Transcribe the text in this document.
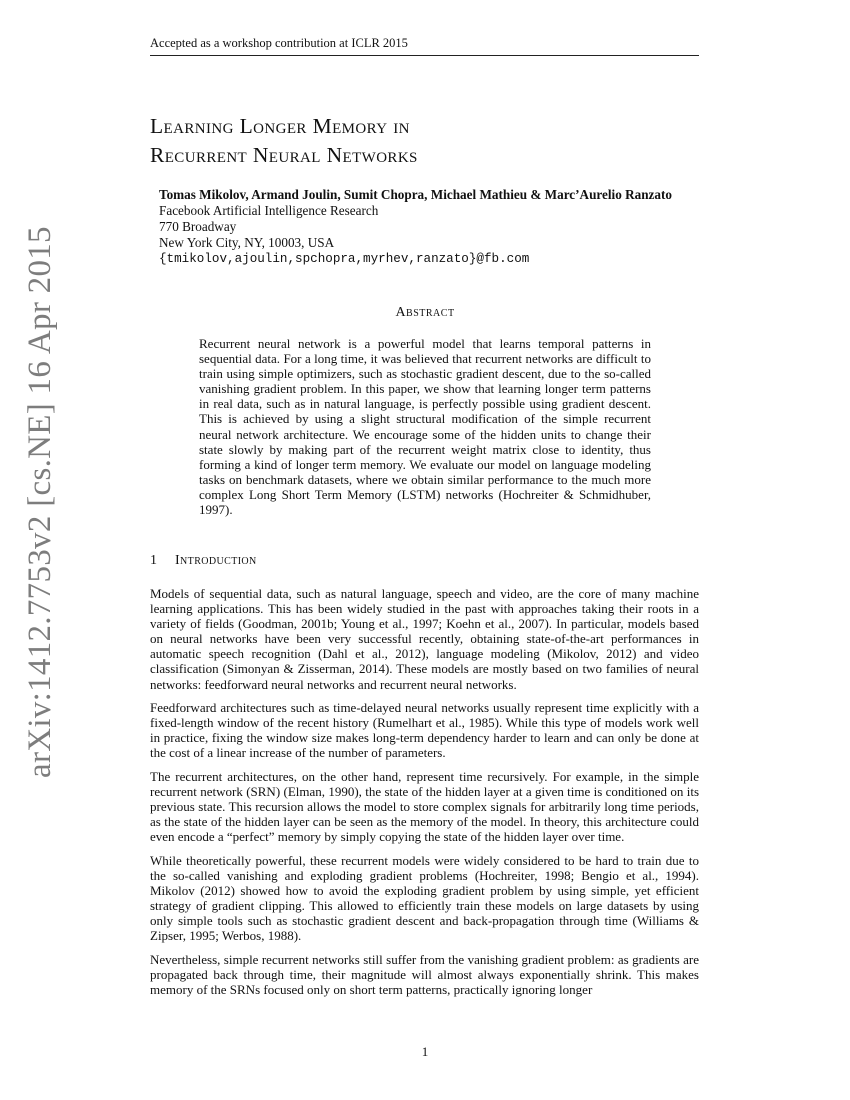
Accepted as a workshop contribution at ICLR 2015
arXiv:1412.7753v2 [cs.NE] 16 Apr 2015
Learning Longer Memory in
Recurrent Neural Networks
Tomas Mikolov, Armand Joulin, Sumit Chopra, Michael Mathieu & Marc’Aurelio Ranzato
Facebook Artificial Intelligence Research
770 Broadway
New York City, NY, 10003, USA
{tmikolov,ajoulin,spchopra,myrhev,ranzato}@fb.com
Abstract

Recurrent neural network is a powerful model that learns temporal patterns in sequential data. For a long time, it was believed that recurrent networks are difficult to train using simple optimizers, such as stochastic gradient descent, due to the so-called vanishing gradient problem. In this paper, we show that learning longer term patterns in real data, such as in natural language, is perfectly possible using gradient descent. This is achieved by using a slight structural modification of the simple recurrent neural network architecture. We encourage some of the hidden units to change their state slowly by making part of the recurrent weight matrix close to identity, thus forming a kind of longer term memory. We evaluate our model on language modeling tasks on benchmark datasets, where we obtain similar performance to the much more complex Long Short Term Memory (LSTM) networks (Hochreiter & Schmidhuber, 1997).

1 Introduction

Models of sequential data, such as natural language, speech and video, are the core of many machine learning applications. This has been widely studied in the past with approaches taking their roots in a variety of fields (Goodman, 2001b; Young et al., 1997; Koehn et al., 2007). In particular, models based on neural networks have been very successful recently, obtaining state-of-the-art performances in automatic speech recognition (Dahl et al., 2012), language modeling (Mikolov, 2012) and video classification (Simonyan & Zisserman, 2014). These models are mostly based on two families of neural networks: feedforward neural networks and recurrent neural networks.

Feedforward architectures such as time-delayed neural networks usually represent time explicitly with a fixed-length window of the recent history (Rumelhart et al., 1985). While this type of models work well in practice, fixing the window size makes long-term dependency harder to learn and can only be done at the cost of a linear increase of the number of parameters.

The recurrent architectures, on the other hand, represent time recursively. For example, in the simple recurrent network (SRN) (Elman, 1990), the state of the hidden layer at a given time is conditioned on its previous state. This recursion allows the model to store complex signals for arbitrarily long time periods, as the state of the hidden layer can be seen as the memory of the model. In theory, this architecture could even encode a “perfect” memory by simply copying the state of the hidden layer over time.

While theoretically powerful, these recurrent models were widely considered to be hard to train due to the so-called vanishing and exploding gradient problems (Hochreiter, 1998; Bengio et al., 1994). Mikolov (2012) showed how to avoid the exploding gradient problem by using simple, yet efficient strategy of gradient clipping. This allowed to efficiently train these models on large datasets by using only simple tools such as stochastic gradient descent and back-propagation through time (Williams & Zipser, 1995; Werbos, 1988).

Nevertheless, simple recurrent networks still suffer from the vanishing gradient problem: as gradients are propagated back through time, their magnitude will almost always exponentially shrink. This makes memory of the SRNs focused only on short term patterns, practically ignoring longer

1
